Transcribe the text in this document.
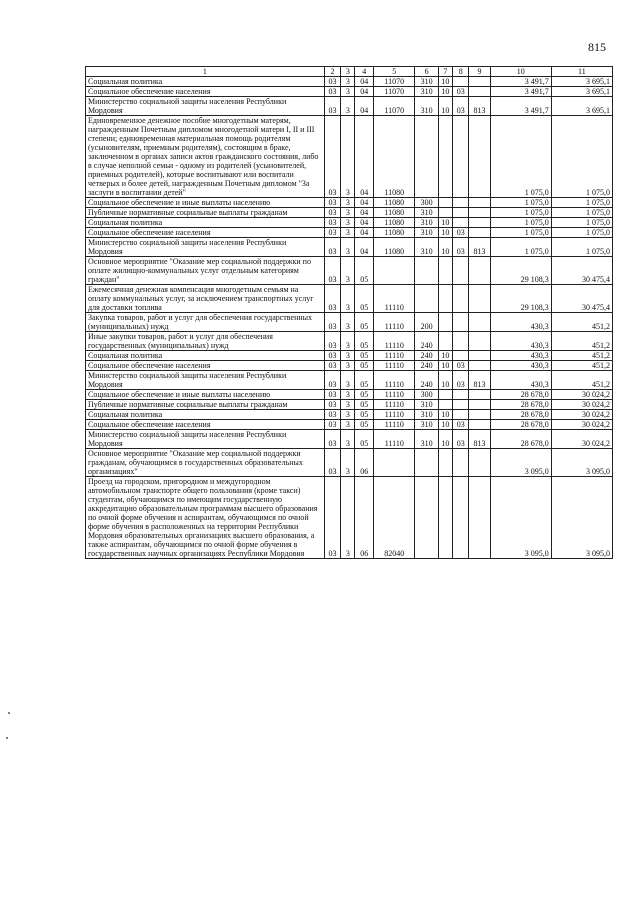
815
1	2	3	4	5	6	7	8	9	10	11
Социальная политика	03	3	04	11070	310	10			3 491,7	3 695,1
Социальное обеспечение населения	03	3	04	11070	310	10	03		3 491,7	3 695,1
Министерство социальной защиты населения Республики Мордовия	03	3	04	11070	310	10	03	813	3 491,7	3 695,1
Единовременное денежное пособие многодетным матерям, награжденным Почетным дипломом многодетной матери I, II и III степени; единовременная материальная помощь родителям (усыновителям, приемным родителям), состоящим в браке, заключенном в органах записи актов гражданского состояния, либо в случае неполной семьи - одному из родителей (усыновителей, приемных родителей), которые воспитывают или воспитали четверых и более детей, награжденным Почетным дипломом "За заслуги в воспитании детей"	03	3	04	11080					1 075,0	1 075,0
Социальное обеспечение и иные выплаты населению	03	3	04	11080	300				1 075,0	1 075,0
Публичные нормативные социальные выплаты гражданам	03	3	04	11080	310				1 075,0	1 075,0
Социальная политика	03	3	04	11080	310	10			1 075,0	1 075,0
Социальное обеспечение населения	03	3	04	11080	310	10	03		1 075,0	1 075,0
Министерство социальной защиты населения Республики Мордовия	03	3	04	11080	310	10	03	813	1 075,0	1 075,0
Основное мероприятие "Оказание мер социальной поддержки по оплате жилищно-коммунальных услуг отдельным категориям граждан"	03	3	05						29 108,3	30 475,4
Ежемесячная денежная компенсация многодетным семьям на оплату коммунальных услуг, за исключением транспортных услуг для доставки топлива	03	3	05	11110					29 108,3	30 475,4
Закупка товаров, работ и услуг для обеспечения государственных (муниципальных) нужд	03	3	05	11110	200				430,3	451,2
Иные закупки товаров, работ и услуг для обеспечения государственных (муниципальных) нужд	03	3	05	11110	240				430,3	451,2
Социальная политика	03	3	05	11110	240	10			430,3	451,2
Социальное обеспечение населения	03	3	05	11110	240	10	03		430,3	451,2
Министерство социальной защиты населения Республики Мордовия	03	3	05	11110	240	10	03	813	430,3	451,2
Социальное обеспечение и иные выплаты населению	03	3	05	11110	300				28 678,0	30 024,2
Публичные нормативные социальные выплаты гражданам	03	3	05	11110	310				28 678,0	30 024,2
Социальная политика	03	3	05	11110	310	10			28 678,0	30 024,2
Социальное обеспечение населения	03	3	05	11110	310	10	03		28 678,0	30 024,2
Министерство социальной защиты населения Республики Мордовия	03	3	05	11110	310	10	03	813	28 678,0	30 024,2
Основное мероприятие "Оказание мер социальной поддержки гражданам, обучающимся в государственных образовательных организациях"	03	3	06						3 095,0	3 095,0
Проезд на городском, пригородном и междугородном автомобильном транспорте общего пользования (кроме такси) студентам, обучающимся по имеющим государственную аккредитацию образовательным программам высшего образования по очной форме обучения и аспирантам, обучающимся по очной форме обучения в расположенных на территории Республики Мордовия образовательных организациях высшего образования, а также аспирантам, обучающимся по очной форме обучения в государственных научных организациях Республики Мордовия	03	3	06	82040					3 095,0	3 095,0
